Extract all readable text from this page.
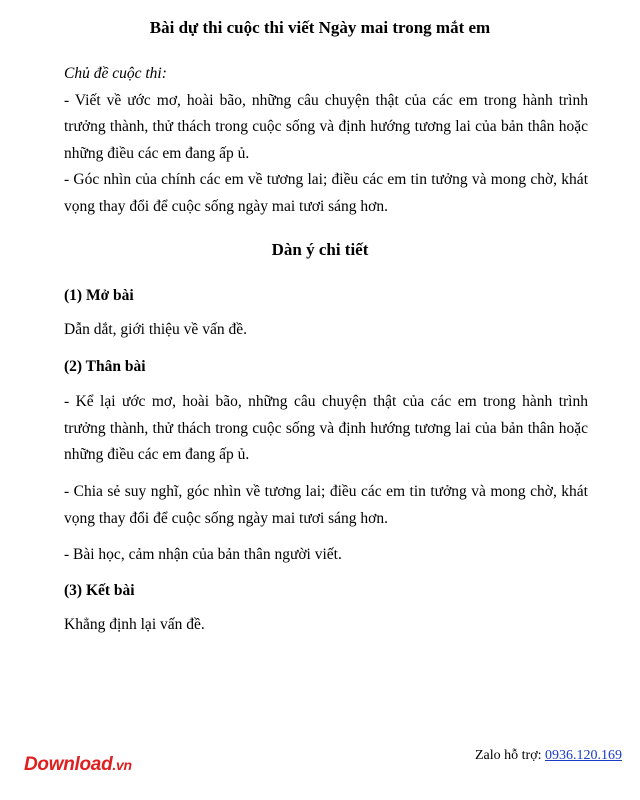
Bài dự thi cuộc thi viết Ngày mai trong mắt em

Chủ đề cuộc thi:

- Viết về ước mơ, hoài bão, những câu chuyện thật của các em trong hành trình trưởng thành, thử thách trong cuộc sống và định hướng tương lai của bản thân hoặc những điều các em đang ấp ủ.

- Góc nhìn của chính các em về tương lai; điều các em tin tưởng và mong chờ, khát vọng thay đổi để cuộc sống ngày mai tươi sáng hơn.

Dàn ý chi tiết
(1) Mở bài

Dẫn dắt, giới thiệu về vấn đề.

(2) Thân bài

- Kể lại ước mơ, hoài bão, những câu chuyện thật của các em trong hành trình trưởng thành, thử thách trong cuộc sống và định hướng tương lai của bản thân hoặc những điều các em đang ấp ủ.

- Chia sẻ suy nghĩ, góc nhìn về tương lai; điều các em tin tưởng và mong chờ, khát vọng thay đổi để cuộc sống ngày mai tươi sáng hơn.

- Bài học, cảm nhận của bản thân người viết.

(3) Kết bài

Khẳng định lại vấn đề.

Download.vn
Zalo hỗ trợ: 0936.120.169
